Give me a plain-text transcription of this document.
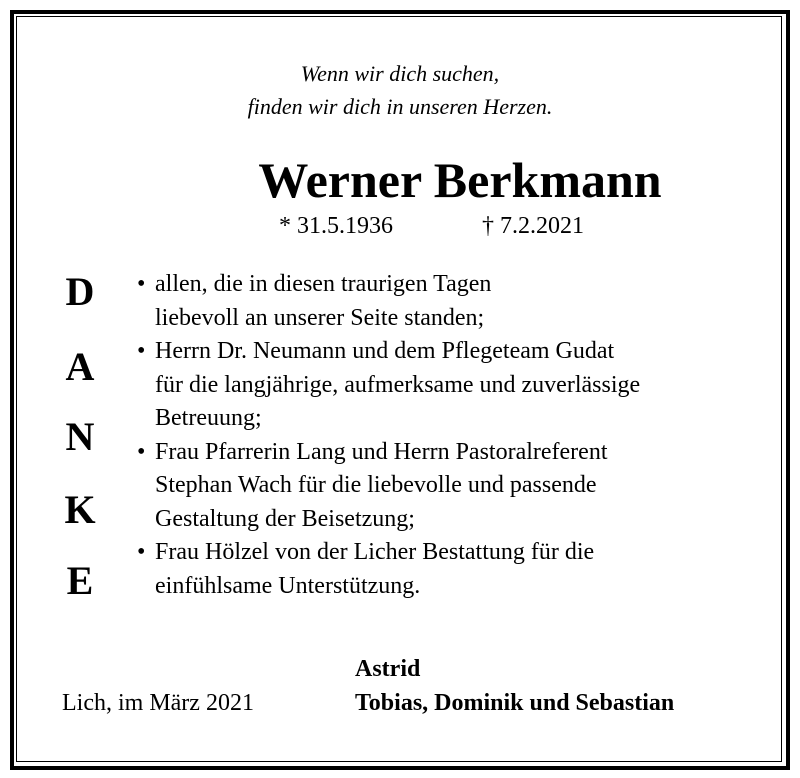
Wenn wir dich suchen,
finden wir dich in unseren Herzen.
Werner Berkmann
* 31.5.1936	† 7.2.2021
D
A
N
K
E
• allen, die in diesen traurigen Tagen
liebevoll an unserer Seite standen;
• Herrn Dr. Neumann und dem Pflegeteam Gudat
für die langjährige, aufmerksame und zuverlässige
Betreuung;
• Frau Pfarrerin Lang und Herrn Pastoralreferent
Stephan Wach für die liebevolle und passende
Gestaltung der Beisetzung;
• Frau Hölzel von der Licher Bestattung für die
einfühlsame Unterstützung.
Lich, im März 2021
Astrid
Tobias, Dominik und Sebastian
